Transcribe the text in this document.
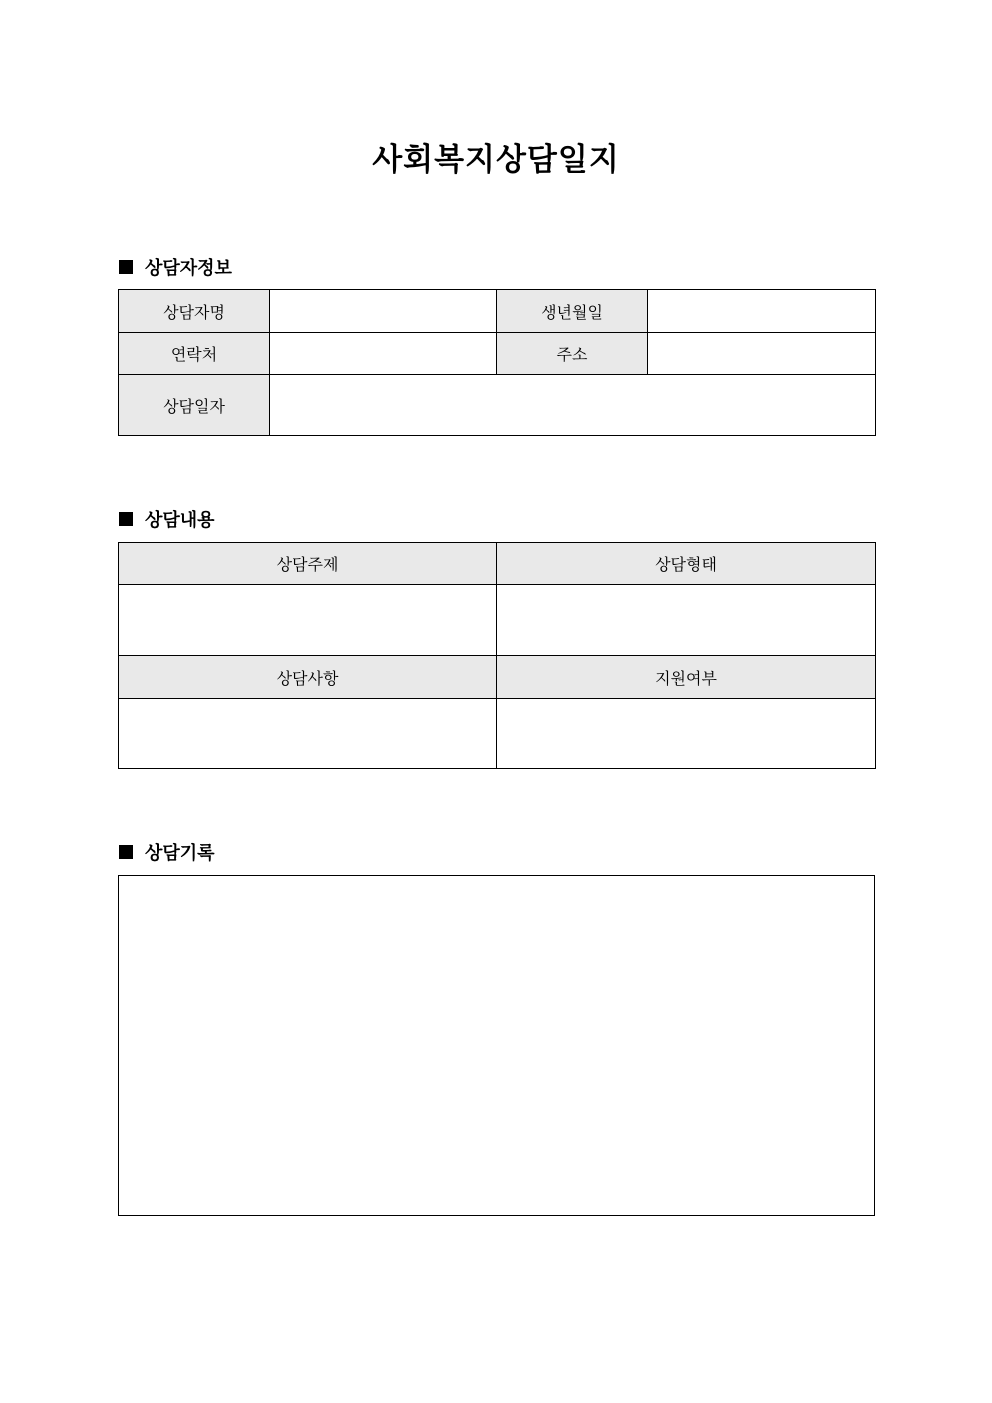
사회복지상담일지
상담자정보
상담자명		생년월일	
연락처		주소	
상담일자			
상담내용
상담주제	상담형태

상담사항	지원여부

상담기록
